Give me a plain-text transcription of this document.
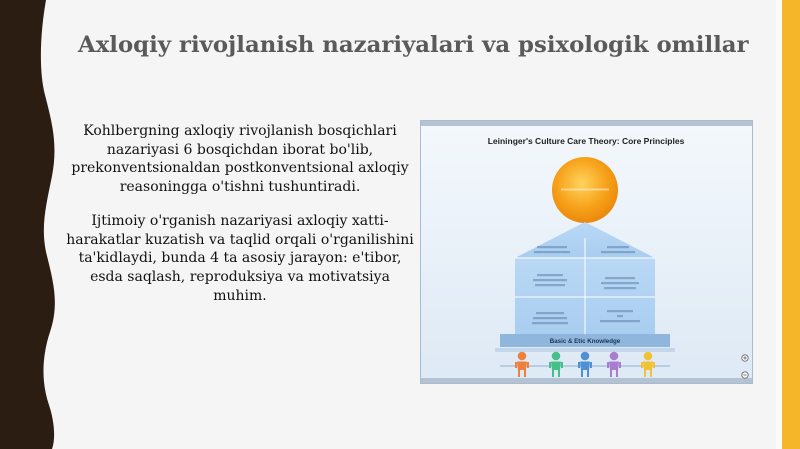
Axloqiy rivojlanish nazariyalari va psixologik omillar

Kohlbergning axloqiy rivojlanish bosqichlari
nazariyasi 6 bosqichdan iborat bo'lib,
prekonventsionaldan postkonventsional axloqiy
reasoningga o'tishni tushuntiradi.

Ijtimoiy o'rganish nazariyasi axloqiy xatti-
harakatlar kuzatish va taqlid orqali o'rganilishini
ta'kidlaydi, bunda 4 ta asosiy jarayon: e'tibor,
esda saqlash, reproduksiya va motivatsiya
muhim.

Leininger's Culture Care Theory: Core Principles
Basic & Etic Knowledge
